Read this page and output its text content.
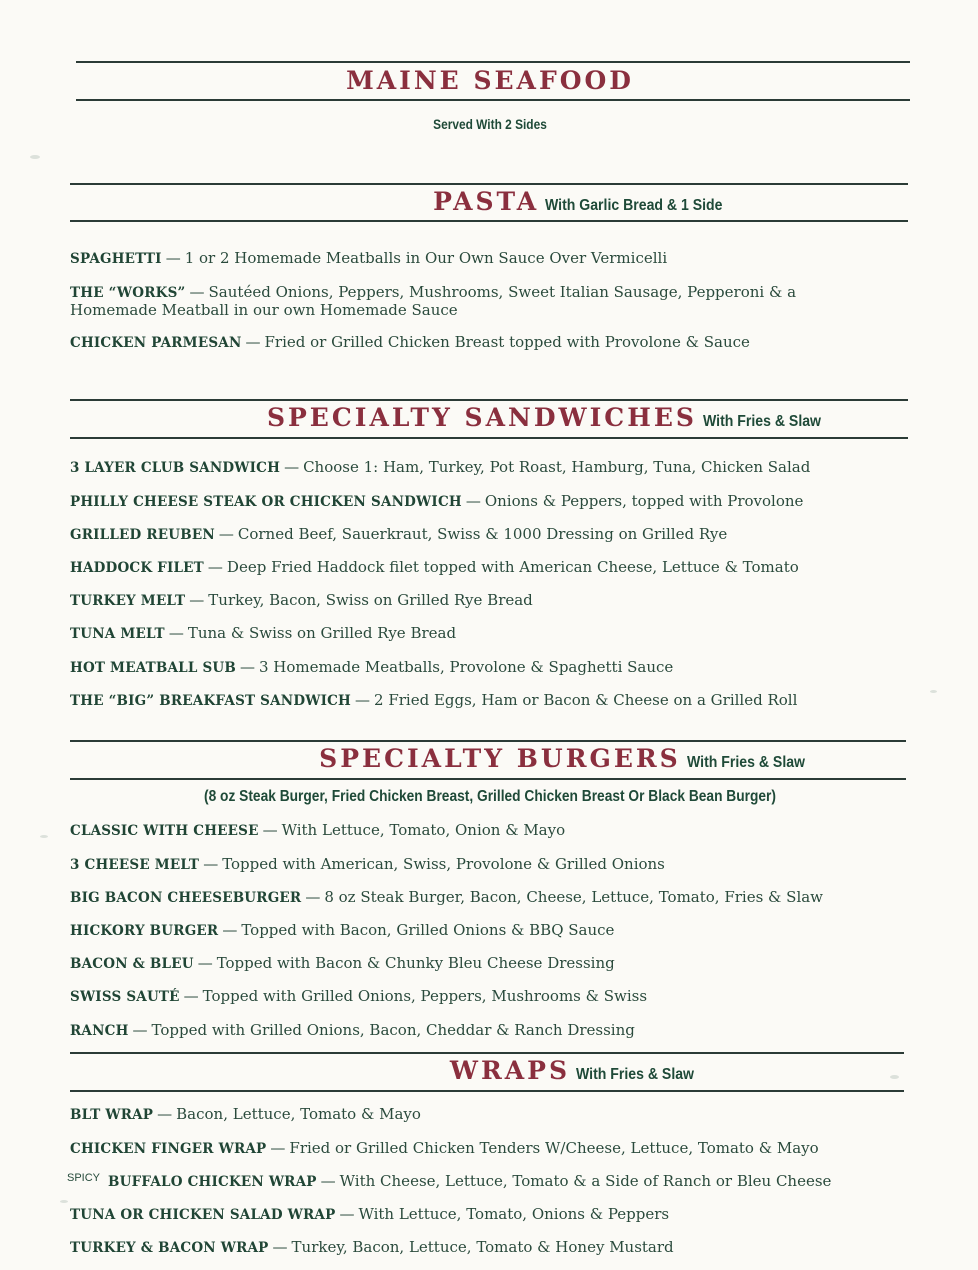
MAINE SEAFOOD
Served With 2 Sides
PASTA With Garlic Bread & 1 Side
SPAGHETTI — 1 or 2 Homemade Meatballs in Our Own Sauce Over Vermicelli
THE “WORKS” — Sautéed Onions, Peppers, Mushrooms, Sweet Italian Sausage, Pepperoni & a Homemade Meatball in our own Homemade Sauce
CHICKEN PARMESAN — Fried or Grilled Chicken Breast topped with Provolone & Sauce
SPECIALTY SANDWICHES With Fries & Slaw
3 LAYER CLUB SANDWICH — Choose 1: Ham, Turkey, Pot Roast, Hamburg, Tuna, Chicken Salad
PHILLY CHEESE STEAK OR CHICKEN SANDWICH — Onions & Peppers, topped with Provolone
GRILLED REUBEN — Corned Beef, Sauerkraut, Swiss & 1000 Dressing on Grilled Rye
HADDOCK FILET — Deep Fried Haddock filet topped with American Cheese, Lettuce & Tomato
TURKEY MELT — Turkey, Bacon, Swiss on Grilled Rye Bread
TUNA MELT — Tuna & Swiss on Grilled Rye Bread
HOT MEATBALL SUB — 3 Homemade Meatballs, Provolone & Spaghetti Sauce
THE “BIG” BREAKFAST SANDWICH — 2 Fried Eggs, Ham or Bacon & Cheese on a Grilled Roll
SPECIALTY BURGERS With Fries & Slaw
(8 oz Steak Burger, Fried Chicken Breast, Grilled Chicken Breast Or Black Bean Burger)
CLASSIC WITH CHEESE — With Lettuce, Tomato, Onion & Mayo
3 CHEESE MELT — Topped with American, Swiss, Provolone & Grilled Onions
BIG BACON CHEESEBURGER — 8 oz Steak Burger, Bacon, Cheese, Lettuce, Tomato, Fries & Slaw
HICKORY BURGER — Topped with Bacon, Grilled Onions & BBQ Sauce
BACON & BLEU — Topped with Bacon & Chunky Bleu Cheese Dressing
SWISS SAUTÉ — Topped with Grilled Onions, Peppers, Mushrooms & Swiss
RANCH — Topped with Grilled Onions, Bacon, Cheddar & Ranch Dressing
WRAPS With Fries & Slaw
BLT WRAP — Bacon, Lettuce, Tomato & Mayo
CHICKEN FINGER WRAP — Fried or Grilled Chicken Tenders W/Cheese, Lettuce, Tomato & Mayo
$^{SPICY}$ BUFFALO CHICKEN WRAP — With Cheese, Lettuce, Tomato & a Side of Ranch or Bleu Cheese
TUNA OR CHICKEN SALAD WRAP — With Lettuce, Tomato, Onions & Peppers
TURKEY & BACON WRAP — Turkey, Bacon, Lettuce, Tomato & Honey Mustard
